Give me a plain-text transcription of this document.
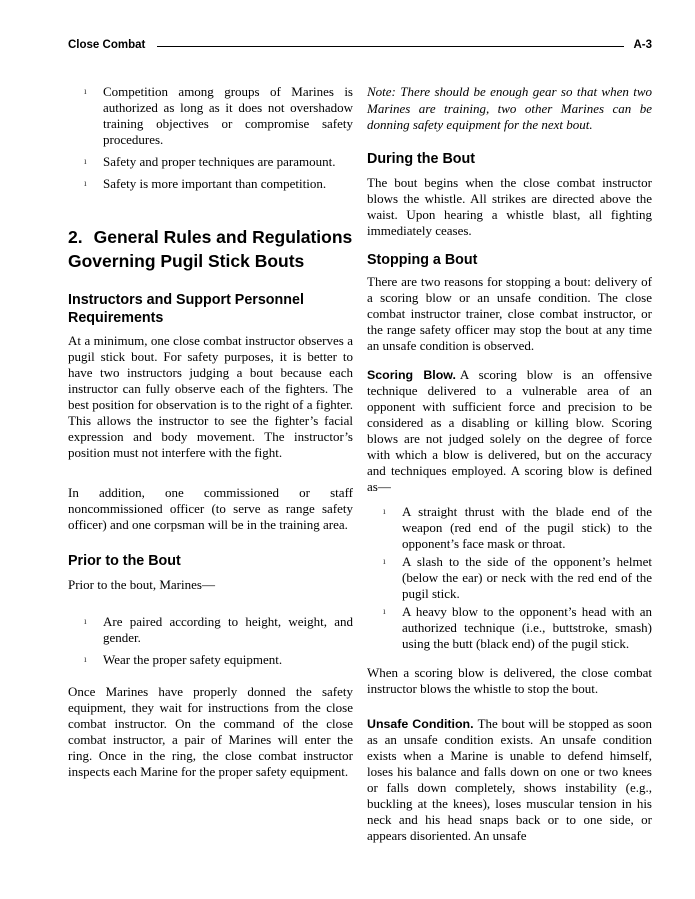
Close Combat	A-3
ı	Competition among groups of Marines is authorized as long as it does not overshadow training objectives or compromise safety procedures.
ı	Safety and proper techniques are paramount.
ı	Safety is more important than competition.
2. General Rules and Regulations Governing Pugil Stick Bouts
Instructors and Support Personnel Requirements

At a minimum, one close combat instructor observes a pugil stick bout. For safety purposes, it is better to have two instructors judging a bout because each instructor can fully observe each of the fighters. The best position for observation is to the right of a fighter. This allows the instructor to see the fighter’s facial expression and body movement. The instructor’s position must not interfere with the fight.

In addition, one commissioned or staff noncommissioned officer (to serve as range safety officer) and one corpsman will be in the training area.

Prior to the Bout

Prior to the bout, Marines—

ı	Are paired according to height, weight, and gender.
ı	Wear the proper safety equipment.

Once Marines have properly donned the safety equipment, they wait for instructions from the close combat instructor. On the command of the close combat instructor, a pair of Marines will enter the ring. Once in the ring, the close combat instructor inspects each Marine for the proper safety equipment.

Note: There should be enough gear so that when two Marines are training, two other Marines can be donning safety equipment for the next bout.

During the Bout

The bout begins when the close combat instructor blows the whistle. All strikes are directed above the waist. Upon hearing a whistle blast, all fighting immediately ceases.

Stopping a Bout

There are two reasons for stopping a bout: delivery of a scoring blow or an unsafe condition. The close combat instructor trainer, close combat instructor, or the range safety officer may stop the bout at any time an unsafe condition is observed.

Scoring Blow. A scoring blow is an offensive technique delivered to a vulnerable area of an opponent with sufficient force and precision to be considered as a disabling or killing blow. Scoring blows are not judged solely on the degree of force with which a blow is delivered, but on the accuracy and techniques employed. A scoring blow is defined as—

ı	A straight thrust with the blade end of the weapon (red end of the pugil stick) to the opponent’s face mask or throat.
ı	A slash to the side of the opponent’s helmet (below the ear) or neck with the red end of the pugil stick.
ı	A heavy blow to the opponent’s head with an authorized technique (i.e., buttstroke, smash) using the butt (black end) of the pugil stick.

When a scoring blow is delivered, the close combat instructor blows the whistle to stop the bout.

Unsafe Condition. The bout will be stopped as soon as an unsafe condition exists. An unsafe condition exists when a Marine is unable to defend himself, loses his balance and falls down on one or two knees or falls down completely, shows instability (e.g., buckling at the knees), loses muscular tension in his neck and his head snaps back or to one side, or appears disoriented. An unsafe
